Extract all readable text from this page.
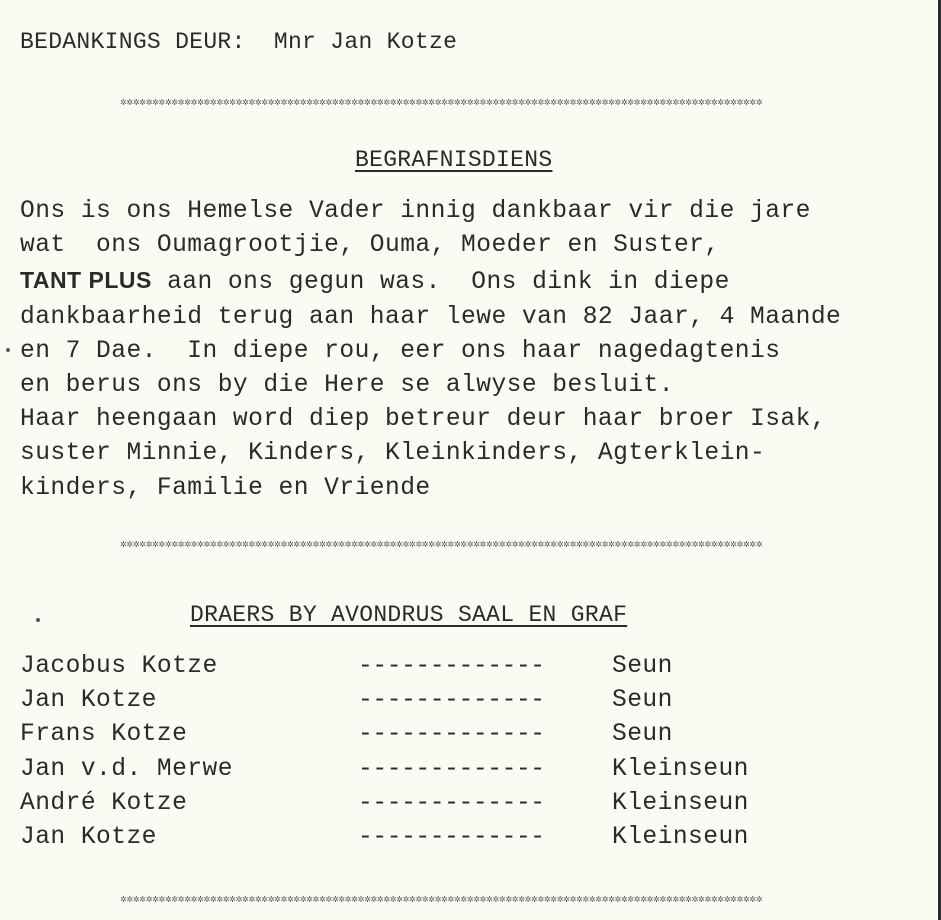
BEDANKINGS DEUR:  Mnr Jan Kotze
✲✲✲✲✲✲✲✲✲✲✲✲✲✲✲✲✲✲✲✲✲✲✲✲✲✲✲✲✲✲✲✲✲✲✲✲✲✲✲✲✲✲✲✲✲✲✲✲✲✲✲✲✲✲✲✲✲✲✲✲✲✲✲✲✲✲✲✲✲✲✲✲✲✲✲✲✲✲✲✲✲✲✲✲✲✲✲✲✲✲✲✲✲✲✲✲✲✲✲✲
BEGRAFNISDIENS
Ons is ons Hemelse Vader innig dankbaar vir die jare
wat  ons Oumagrootjie, Ouma, Moeder en Suster,
TANT PLUS aan ons gegun was.  Ons dink in diepe
dankbaarheid terug aan haar lewe van 82 Jaar, 4 Maande
en 7 Dae.  In diepe rou, eer ons haar nagedagtenis
en berus ons by die Here se alwyse besluit.
Haar heengaan word diep betreur deur haar broer Isak,
suster Minnie, Kinders, Kleinkinders, Agterklein-
kinders, Familie en Vriende
✲✲✲✲✲✲✲✲✲✲✲✲✲✲✲✲✲✲✲✲✲✲✲✲✲✲✲✲✲✲✲✲✲✲✲✲✲✲✲✲✲✲✲✲✲✲✲✲✲✲✲✲✲✲✲✲✲✲✲✲✲✲✲✲✲✲✲✲✲✲✲✲✲✲✲✲✲✲✲✲✲✲✲✲✲✲✲✲✲✲✲✲✲✲✲✲✲✲✲✲
DRAERS BY AVONDRUS SAAL EN GRAF
Jacobus Kotze	-------------	Seun
Jan Kotze	-------------	Seun
Frans Kotze	-------------	Seun
Jan v.d. Merwe	-------------	Kleinseun
André Kotze	-------------	Kleinseun
Jan Kotze	-------------	Kleinseun
✲✲✲✲✲✲✲✲✲✲✲✲✲✲✲✲✲✲✲✲✲✲✲✲✲✲✲✲✲✲✲✲✲✲✲✲✲✲✲✲✲✲✲✲✲✲✲✲✲✲✲✲✲✲✲✲✲✲✲✲✲✲✲✲✲✲✲✲✲✲✲✲✲✲✲✲✲✲✲✲✲✲✲✲✲✲✲✲✲✲✲✲✲✲✲✲✲✲✲✲
